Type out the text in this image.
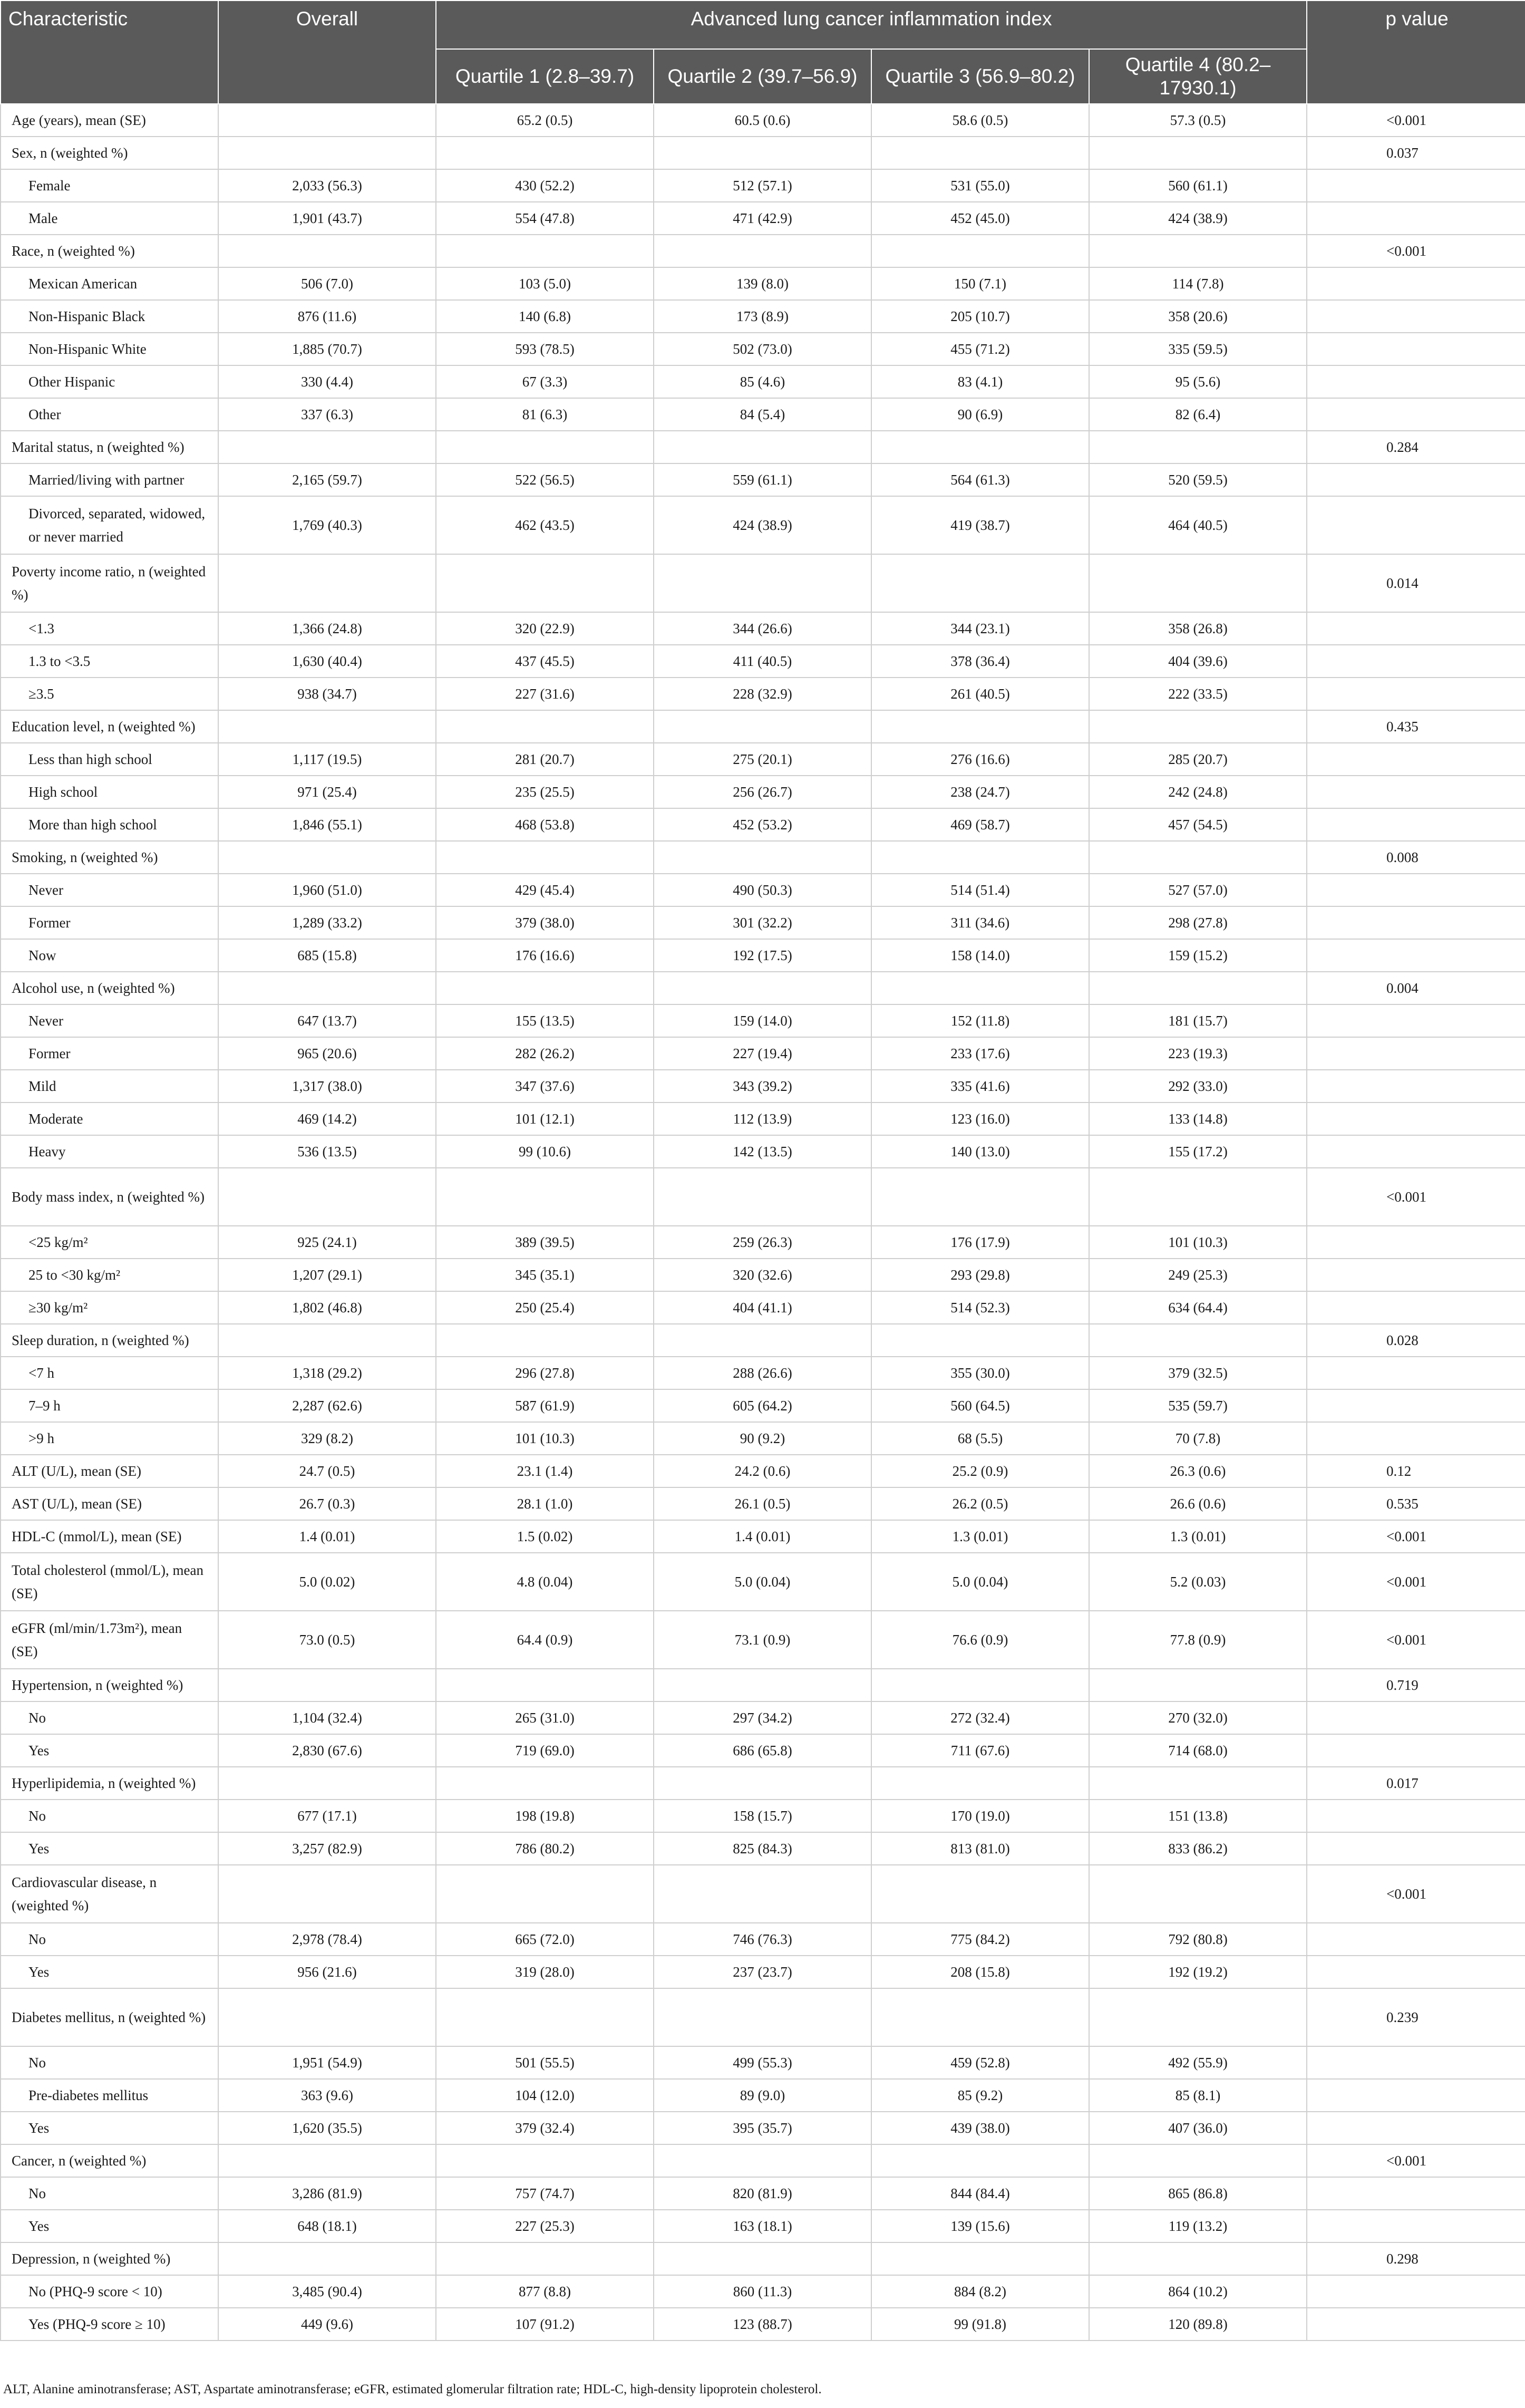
Characteristic	Overall	Advanced lung cancer inflammation index				p value
		Quartile 1 (2.8–39.7)	Quartile 2 (39.7–56.9)	Quartile 3 (56.9–80.2)	Quartile 4 (80.2–17930.1)	
Age (years), mean (SE)		65.2 (0.5)	60.5 (0.6)	58.6 (0.5)	57.3 (0.5)	<0.001
Sex, n (weighted %)						0.037
Female	2,033 (56.3)	430 (52.2)	512 (57.1)	531 (55.0)	560 (61.1)	
Male	1,901 (43.7)	554 (47.8)	471 (42.9)	452 (45.0)	424 (38.9)	
Race, n (weighted %)						<0.001
Mexican American	506 (7.0)	103 (5.0)	139 (8.0)	150 (7.1)	114 (7.8)	
Non-Hispanic Black	876 (11.6)	140 (6.8)	173 (8.9)	205 (10.7)	358 (20.6)	
Non-Hispanic White	1,885 (70.7)	593 (78.5)	502 (73.0)	455 (71.2)	335 (59.5)	
Other Hispanic	330 (4.4)	67 (3.3)	85 (4.6)	83 (4.1)	95 (5.6)	
Other	337 (6.3)	81 (6.3)	84 (5.4)	90 (6.9)	82 (6.4)	
Marital status, n (weighted %)						0.284
Married/living with partner	2,165 (59.7)	522 (56.5)	559 (61.1)	564 (61.3)	520 (59.5)	
Divorced, separated, widowed, or never married	1,769 (40.3)	462 (43.5)	424 (38.9)	419 (38.7)	464 (40.5)	
Poverty income ratio, n (weighted %)						0.014
<1.3	1,366 (24.8)	320 (22.9)	344 (26.6)	344 (23.1)	358 (26.8)	
1.3 to <3.5	1,630 (40.4)	437 (45.5)	411 (40.5)	378 (36.4)	404 (39.6)	
≥3.5	938 (34.7)	227 (31.6)	228 (32.9)	261 (40.5)	222 (33.5)	
Education level, n (weighted %)						0.435
Less than high school	1,117 (19.5)	281 (20.7)	275 (20.1)	276 (16.6)	285 (20.7)	
High school	971 (25.4)	235 (25.5)	256 (26.7)	238 (24.7)	242 (24.8)	
More than high school	1,846 (55.1)	468 (53.8)	452 (53.2)	469 (58.7)	457 (54.5)	
Smoking, n (weighted %)						0.008
Never	1,960 (51.0)	429 (45.4)	490 (50.3)	514 (51.4)	527 (57.0)	
Former	1,289 (33.2)	379 (38.0)	301 (32.2)	311 (34.6)	298 (27.8)	
Now	685 (15.8)	176 (16.6)	192 (17.5)	158 (14.0)	159 (15.2)	
Alcohol use, n (weighted %)						0.004
Never	647 (13.7)	155 (13.5)	159 (14.0)	152 (11.8)	181 (15.7)	
Former	965 (20.6)	282 (26.2)	227 (19.4)	233 (17.6)	223 (19.3)	
Mild	1,317 (38.0)	347 (37.6)	343 (39.2)	335 (41.6)	292 (33.0)	
Moderate	469 (14.2)	101 (12.1)	112 (13.9)	123 (16.0)	133 (14.8)	
Heavy	536 (13.5)	99 (10.6)	142 (13.5)	140 (13.0)	155 (17.2)	
Body mass index, n (weighted %)						<0.001
<25 kg/m²	925 (24.1)	389 (39.5)	259 (26.3)	176 (17.9)	101 (10.3)	
25 to <30 kg/m²	1,207 (29.1)	345 (35.1)	320 (32.6)	293 (29.8)	249 (25.3)	
≥30 kg/m²	1,802 (46.8)	250 (25.4)	404 (41.1)	514 (52.3)	634 (64.4)	
Sleep duration, n (weighted %)						0.028
<7 h	1,318 (29.2)	296 (27.8)	288 (26.6)	355 (30.0)	379 (32.5)	
7–9 h	2,287 (62.6)	587 (61.9)	605 (64.2)	560 (64.5)	535 (59.7)	
>9 h	329 (8.2)	101 (10.3)	90 (9.2)	68 (5.5)	70 (7.8)	
ALT (U/L), mean (SE)	24.7 (0.5)	23.1 (1.4)	24.2 (0.6)	25.2 (0.9)	26.3 (0.6)	0.12
AST (U/L), mean (SE)	26.7 (0.3)	28.1 (1.0)	26.1 (0.5)	26.2 (0.5)	26.6 (0.6)	0.535
HDL-C (mmol/L), mean (SE)	1.4 (0.01)	1.5 (0.02)	1.4 (0.01)	1.3 (0.01)	1.3 (0.01)	<0.001
Total cholesterol (mmol/L), mean (SE)	5.0 (0.02)	4.8 (0.04)	5.0 (0.04)	5.0 (0.04)	5.2 (0.03)	<0.001
eGFR (ml/min/1.73m²), mean (SE)	73.0 (0.5)	64.4 (0.9)	73.1 (0.9)	76.6 (0.9)	77.8 (0.9)	<0.001
Hypertension, n (weighted %)						0.719
No	1,104 (32.4)	265 (31.0)	297 (34.2)	272 (32.4)	270 (32.0)	
Yes	2,830 (67.6)	719 (69.0)	686 (65.8)	711 (67.6)	714 (68.0)	
Hyperlipidemia, n (weighted %)						0.017
No	677 (17.1)	198 (19.8)	158 (15.7)	170 (19.0)	151 (13.8)	
Yes	3,257 (82.9)	786 (80.2)	825 (84.3)	813 (81.0)	833 (86.2)	
Cardiovascular disease, n (weighted %)						<0.001
No	2,978 (78.4)	665 (72.0)	746 (76.3)	775 (84.2)	792 (80.8)	
Yes	956 (21.6)	319 (28.0)	237 (23.7)	208 (15.8)	192 (19.2)	
Diabetes mellitus, n (weighted %)						0.239
No	1,951 (54.9)	501 (55.5)	499 (55.3)	459 (52.8)	492 (55.9)	
Pre-diabetes mellitus	363 (9.6)	104 (12.0)	89 (9.0)	85 (9.2)	85 (8.1)	
Yes	1,620 (35.5)	379 (32.4)	395 (35.7)	439 (38.0)	407 (36.0)	
Cancer, n (weighted %)						<0.001
No	3,286 (81.9)	757 (74.7)	820 (81.9)	844 (84.4)	865 (86.8)	
Yes	648 (18.1)	227 (25.3)	163 (18.1)	139 (15.6)	119 (13.2)	
Depression, n (weighted %)						0.298
No (PHQ-9 score < 10)	3,485 (90.4)	877 (8.8)	860 (11.3)	884 (8.2)	864 (10.2)	
Yes (PHQ-9 score ≥ 10)	449 (9.6)	107 (91.2)	123 (88.7)	99 (91.8)	120 (89.8)	
ALT, Alanine aminotransferase; AST, Aspartate aminotransferase; eGFR, estimated glomerular filtration rate; HDL-C, high-density lipoprotein cholesterol.
